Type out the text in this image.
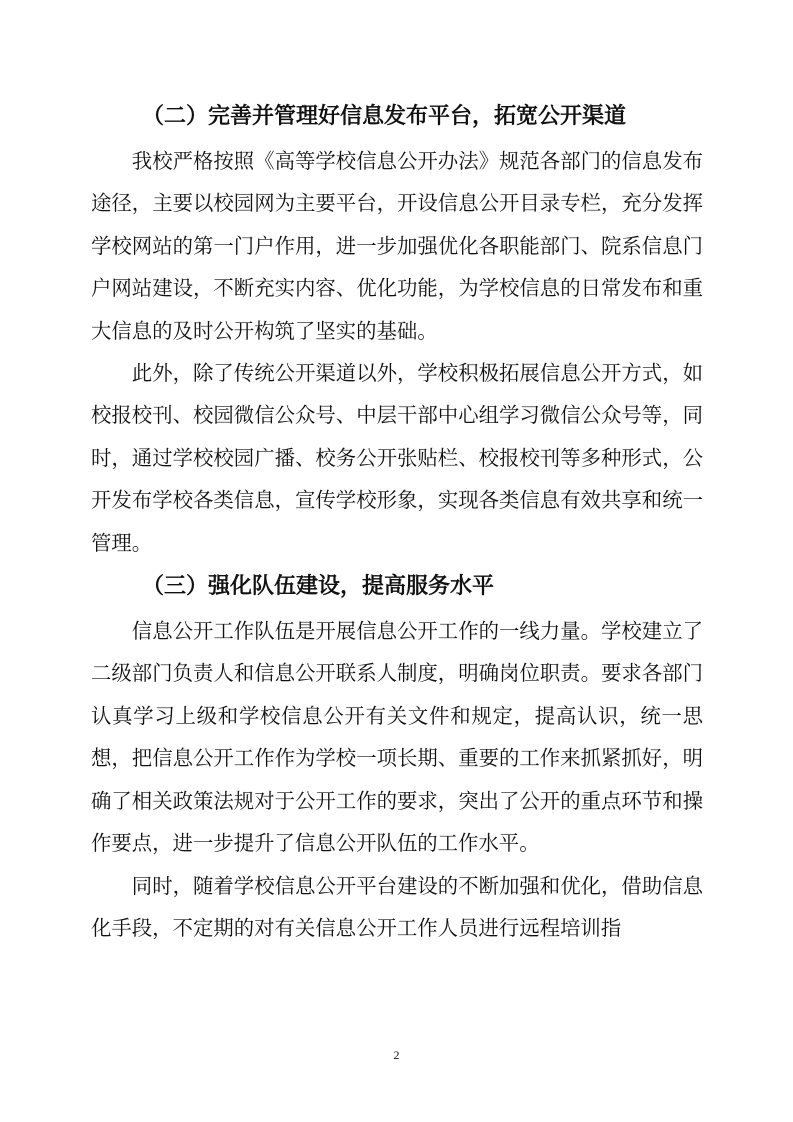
（二）完善并管理好信息发布平台，拓宽公开渠道

我校严格按照《高等学校信息公开办法》规范各部门的信息发布途径，主要以校园网为主要平台，开设信息公开目录专栏，充分发挥学校网站的第一门户作用，进一步加强优化各职能部门、院系信息门户网站建设，不断充实内容、优化功能，为学校信息的日常发布和重大信息的及时公开构筑了坚实的基础。

此外，除了传统公开渠道以外，学校积极拓展信息公开方式，如校报校刊、校园微信公众号、中层干部中心组学习微信公众号等，同时，通过学校校园广播、校务公开张贴栏、校报校刊等多种形式，公开发布学校各类信息，宣传学校形象，实现各类信息有效共享和统一管理。

（三）强化队伍建设，提高服务水平

信息公开工作队伍是开展信息公开工作的一线力量。学校建立了二级部门负责人和信息公开联系人制度，明确岗位职责。要求各部门认真学习上级和学校信息公开有关文件和规定，提高认识，统一思想，把信息公开工作作为学校一项长期、重要的工作来抓紧抓好，明确了相关政策法规对于公开工作的要求，突出了公开的重点环节和操作要点，进一步提升了信息公开队伍的工作水平。

同时，随着学校信息公开平台建设的不断加强和优化，借助信息化手段，不定期的对有关信息公开工作人员进行远程培训指

2
